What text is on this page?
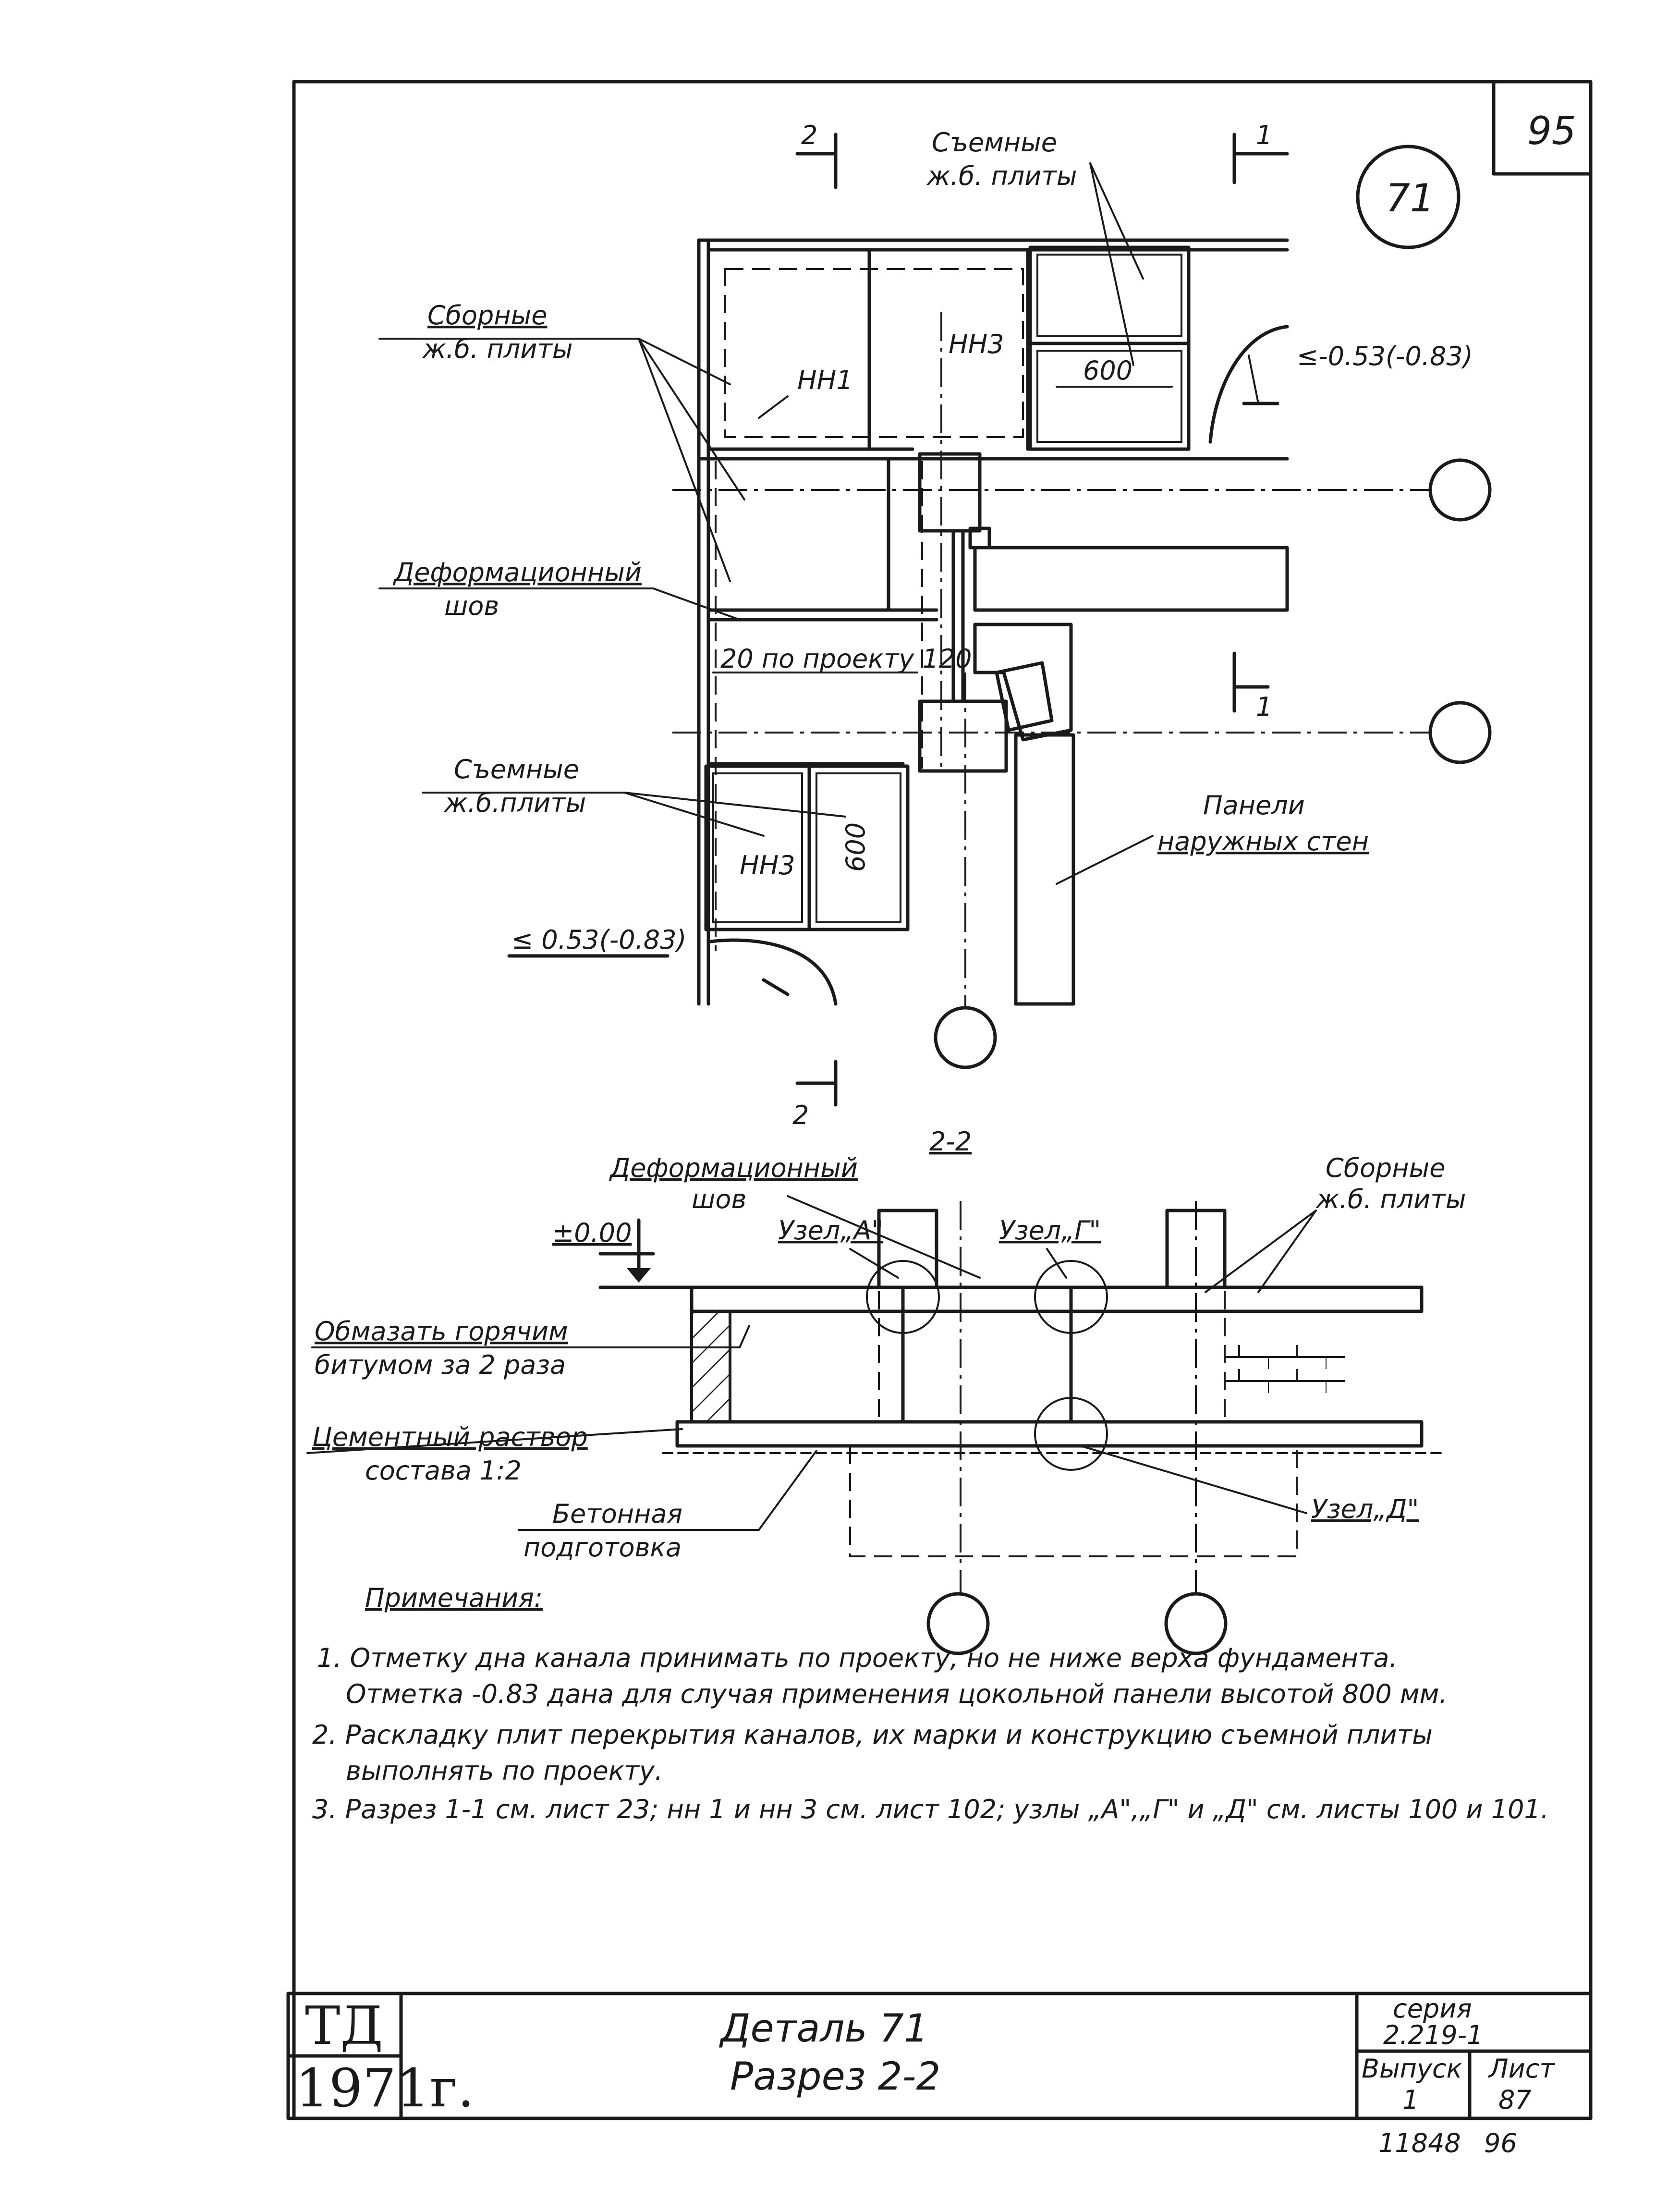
95
71
2	1
1
2
≤-0.53(-0.83)
≤ 0.53(-0.83)
Съемные
ж.б. плиты
Сборные
ж.б. плиты
НН1
НН3
600
Деформационный
шов
20 по проекту 120
Съемные
ж.б.плиты
НН3 600
Панели
наружных стен
2-2
±0.00
Деформационный
шов
Узел„А"	Узел„Г"
Сборные
ж.б. плиты
Обмазать горячим
битумом за 2 раза
Цементный раствор
состава 1:2
Бетонная
подготовка
Узел„Д"
Примечания:
1. Отметку дна канала принимать по проекту, но не ниже верха фундамента.
Отметка -0.83 дана для случая применения цокольной панели высотой 800 мм.
2. Раскладку плит перекрытия каналов, их марки и конструкцию съемной плиты
выполнять по проекту.
3. Разрез 1-1 см. лист 23; нн 1 и нн 3 см. лист 102; узлы „А",„Г" и „Д" см. листы 100 и 101.
ТД
1971г.
Деталь 71
Разрез 2-2
серия
2.219-1
Выпуск
1
Лист
87
11848 96
